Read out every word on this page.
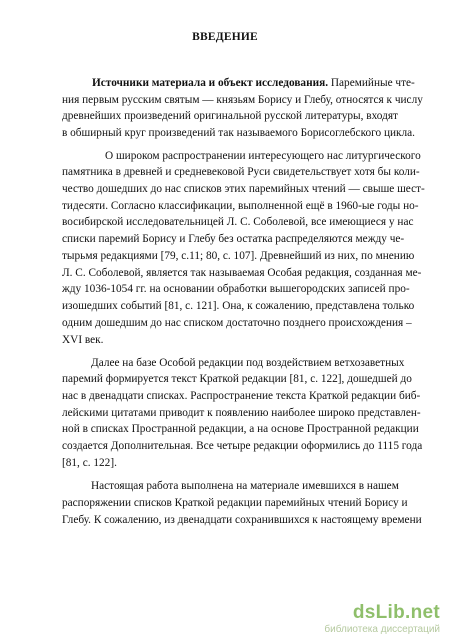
ВВЕДЕНИЕ
Источники материала и объект исследования. Паремийные чте-
ния первым русским святым — князьям Борису и Глебу, относятся к числу
древнейших произведений оригинальной русской литературы, входят
в обширный круг произведений так называемого Борисоглебского цикла.
О широком распространении интересующего нас литургического
памятника в древней и средневековой Руси свидетельствует хотя бы коли-
чество дошедших до нас списков этих паремийных чтений — свыше шест-
тидесяти. Согласно классификации, выполненной ещё в 1960-ые годы но-
восибирской исследовательницей Л. С. Соболевой, все имеющиеся у нас
списки паремий Борису и Глебу без остатка распределяются между че-
тырьмя редакциями [79, с.11; 80, с. 107]. Древнейший из них, по мнению
Л. С. Соболевой, является так называемая Особая редакция, созданная ме-
жду 1036-1054 гг. на основании обработки вышегородских записей про-
изошедших событий [81, с. 121]. Она, к сожалению, представлена только
одним дошедшим до нас списком достаточно позднего происхождения –
XVI век.
Далее на базе Особой редакции под воздействием ветхозаветных
паремий формируется текст Краткой редакции [81, с. 122], дошедшей до
нас в двенадцати списках. Распространение текста Краткой редакции биб-
лейскими цитатами приводит к появлению наиболее широко представлен-
ной в списках Пространной редакции, а на основе Пространной редакции
создается Дополнительная. Все четыре редакции оформились до 1115 года
[81, с. 122].
Настоящая работа выполнена на материале имевшихся в нашем
распоряжении списков Краткой редакции паремийных чтений Борису и
Глебу. К сожалению, из двенадцати сохранившихся к настоящему времени
dsLib.net
библиотека диссертаций
